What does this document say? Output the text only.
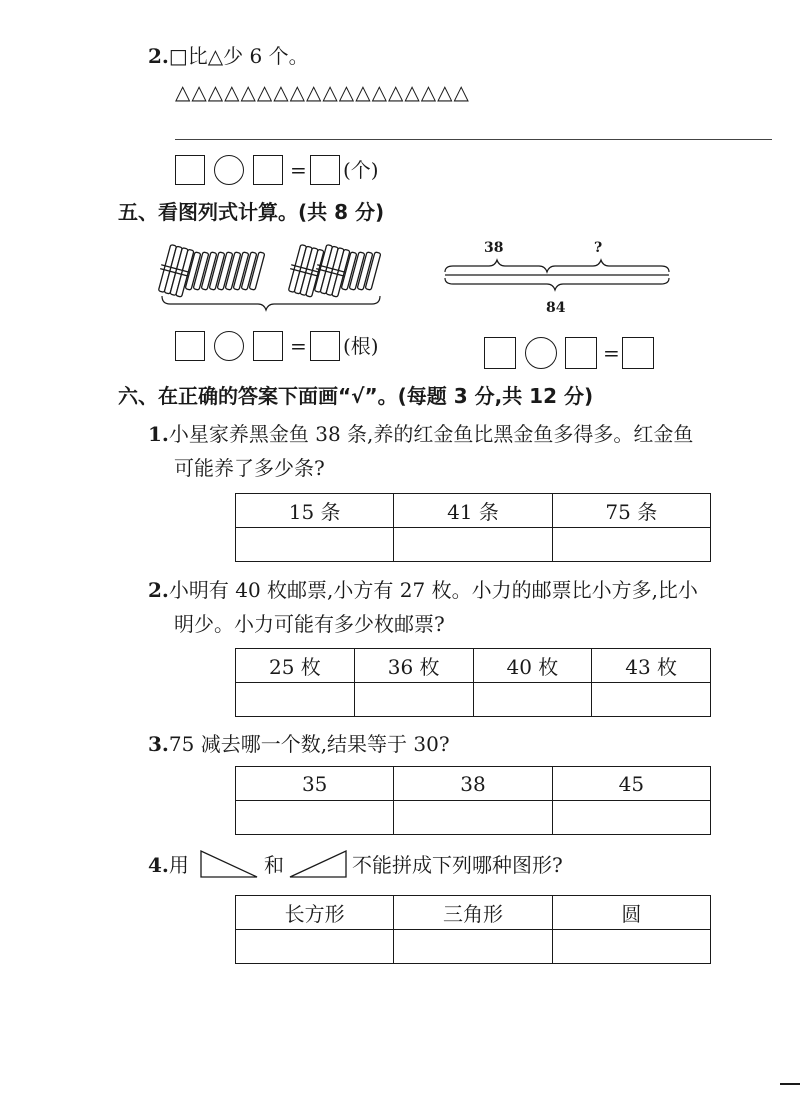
2.□比△少 6 个。
△△△△△△△△△△△△△△△△△△
= (个)
五、看图列式计算。(共 8 分)
= (根)
38	?
84
=
六、在正确的答案下面画“√”。(每题 3 分,共 12 分)
1.小星家养黑金鱼 38 条,养的红金鱼比黑金鱼多得多。红金鱼
可能养了多少条?
15 条	41 条	75 条

2.小明有 40 枚邮票,小方有 27 枚。小力的邮票比小方多,比小
明少。小力可能有多少枚邮票?
25 枚	36 枚	40 枚	43 枚

3.75 减去哪一个数,结果等于 30?
35	38	45

4.用	和	不能拼成下列哪种图形?
长方形	三角形	圆
